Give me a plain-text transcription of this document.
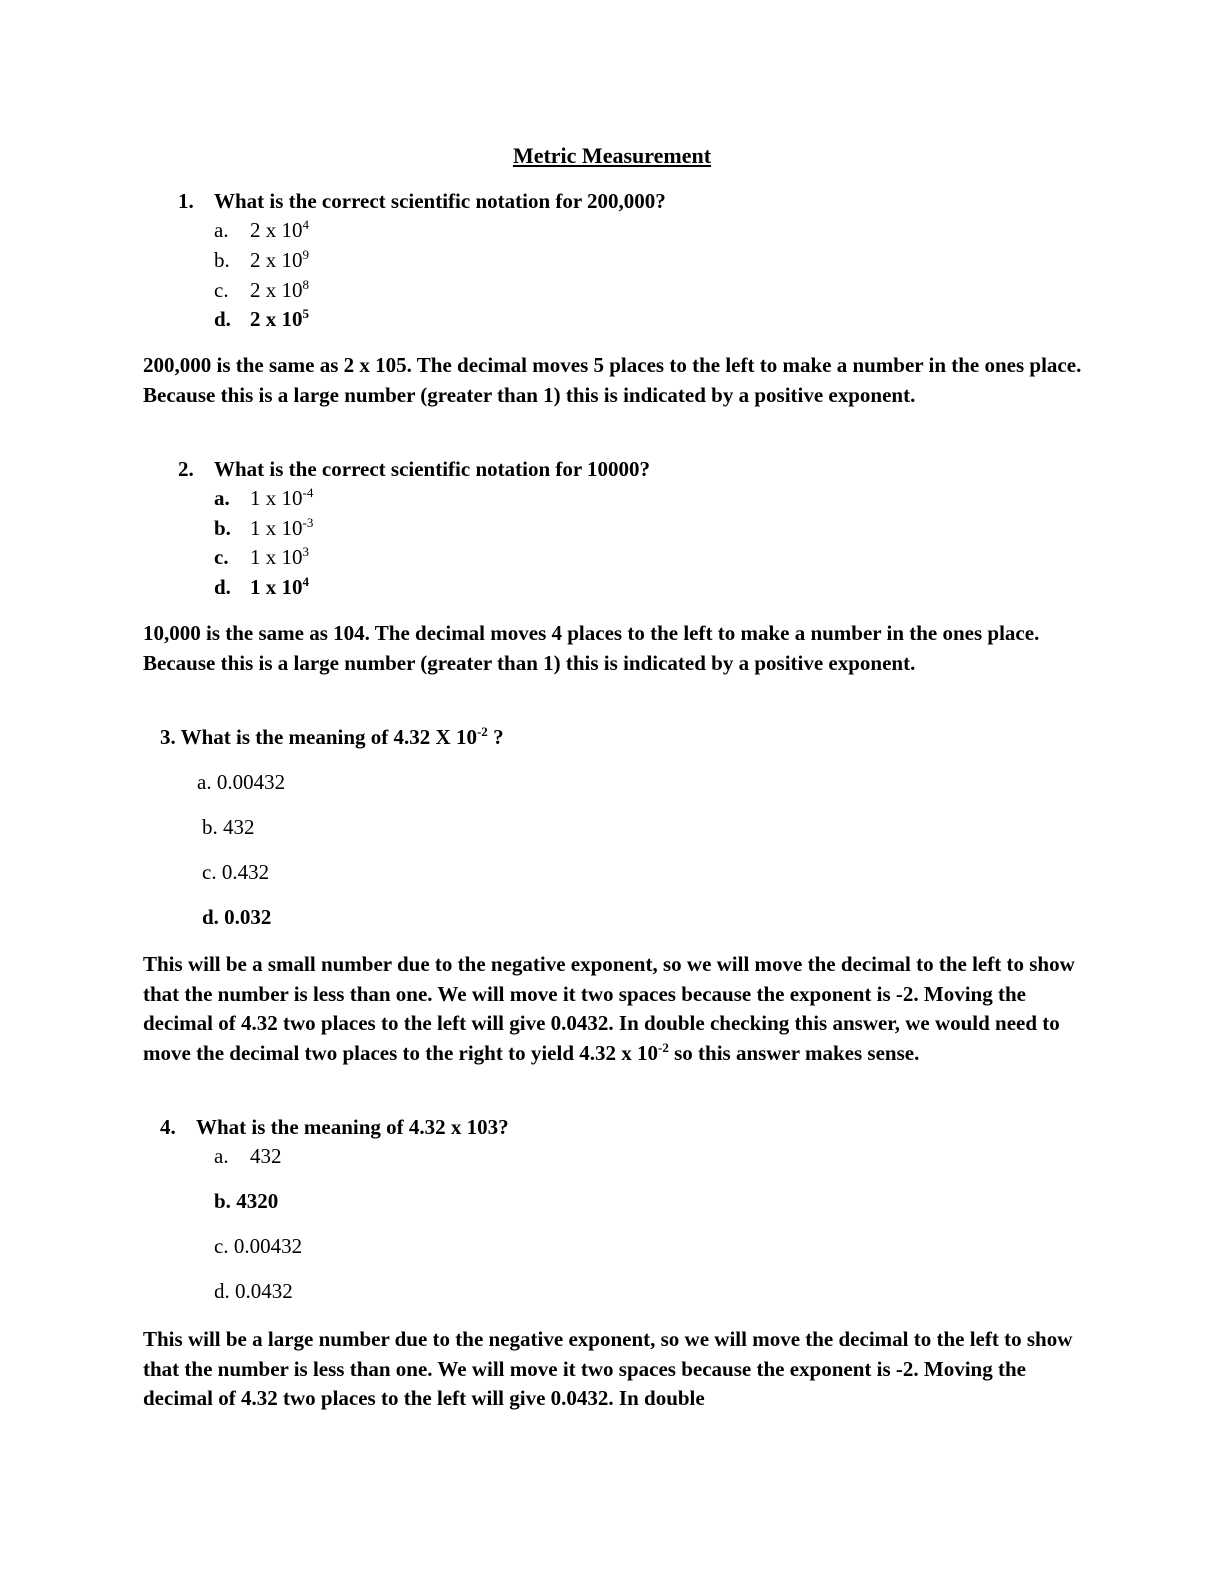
Metric Measurement
1. What is the correct scientific notation for 200,000?
a. 2 x $10^4$
b. 2 x $10^9$
c. 2 x $10^8$
d. 2 x $10^5$
200,000 is the same as 2 x 105. The decimal moves 5 places to the left to make a number in the ones place. Because this is a large number (greater than 1) this is indicated by a positive exponent.
2. What is the correct scientific notation for 10000?
a. 1 x $10^{-4}$
b. 1 x $10^{-3}$
c. 1 x $10^3$
d. 1 x $10^4$
10,000 is the same as 104. The decimal moves 4 places to the left to make a number in the ones place. Because this is a large number (greater than 1) this is indicated by a positive exponent.
3. What is the meaning of 4.32 X $10^{-2}$ ?
a. 0.00432
b. 432
c. 0.432
d. 0.032
This will be a small number due to the negative exponent, so we will move the decimal to the left to show that the number is less than one. We will move it two spaces because the exponent is -2. Moving the decimal of 4.32 two places to the left will give 0.0432. In double checking this answer, we would need to move the decimal two places to the right to yield 4.32 x $10^{-2}$ so this answer makes sense.
4. What is the meaning of 4.32 x 103?
a. 432
b. 4320
c. 0.00432
d. 0.0432
This will be a large number due to the negative exponent, so we will move the decimal to the left to show that the number is less than one. We will move it two spaces because the exponent is -2. Moving the decimal of 4.32 two places to the left will give 0.0432. In double
